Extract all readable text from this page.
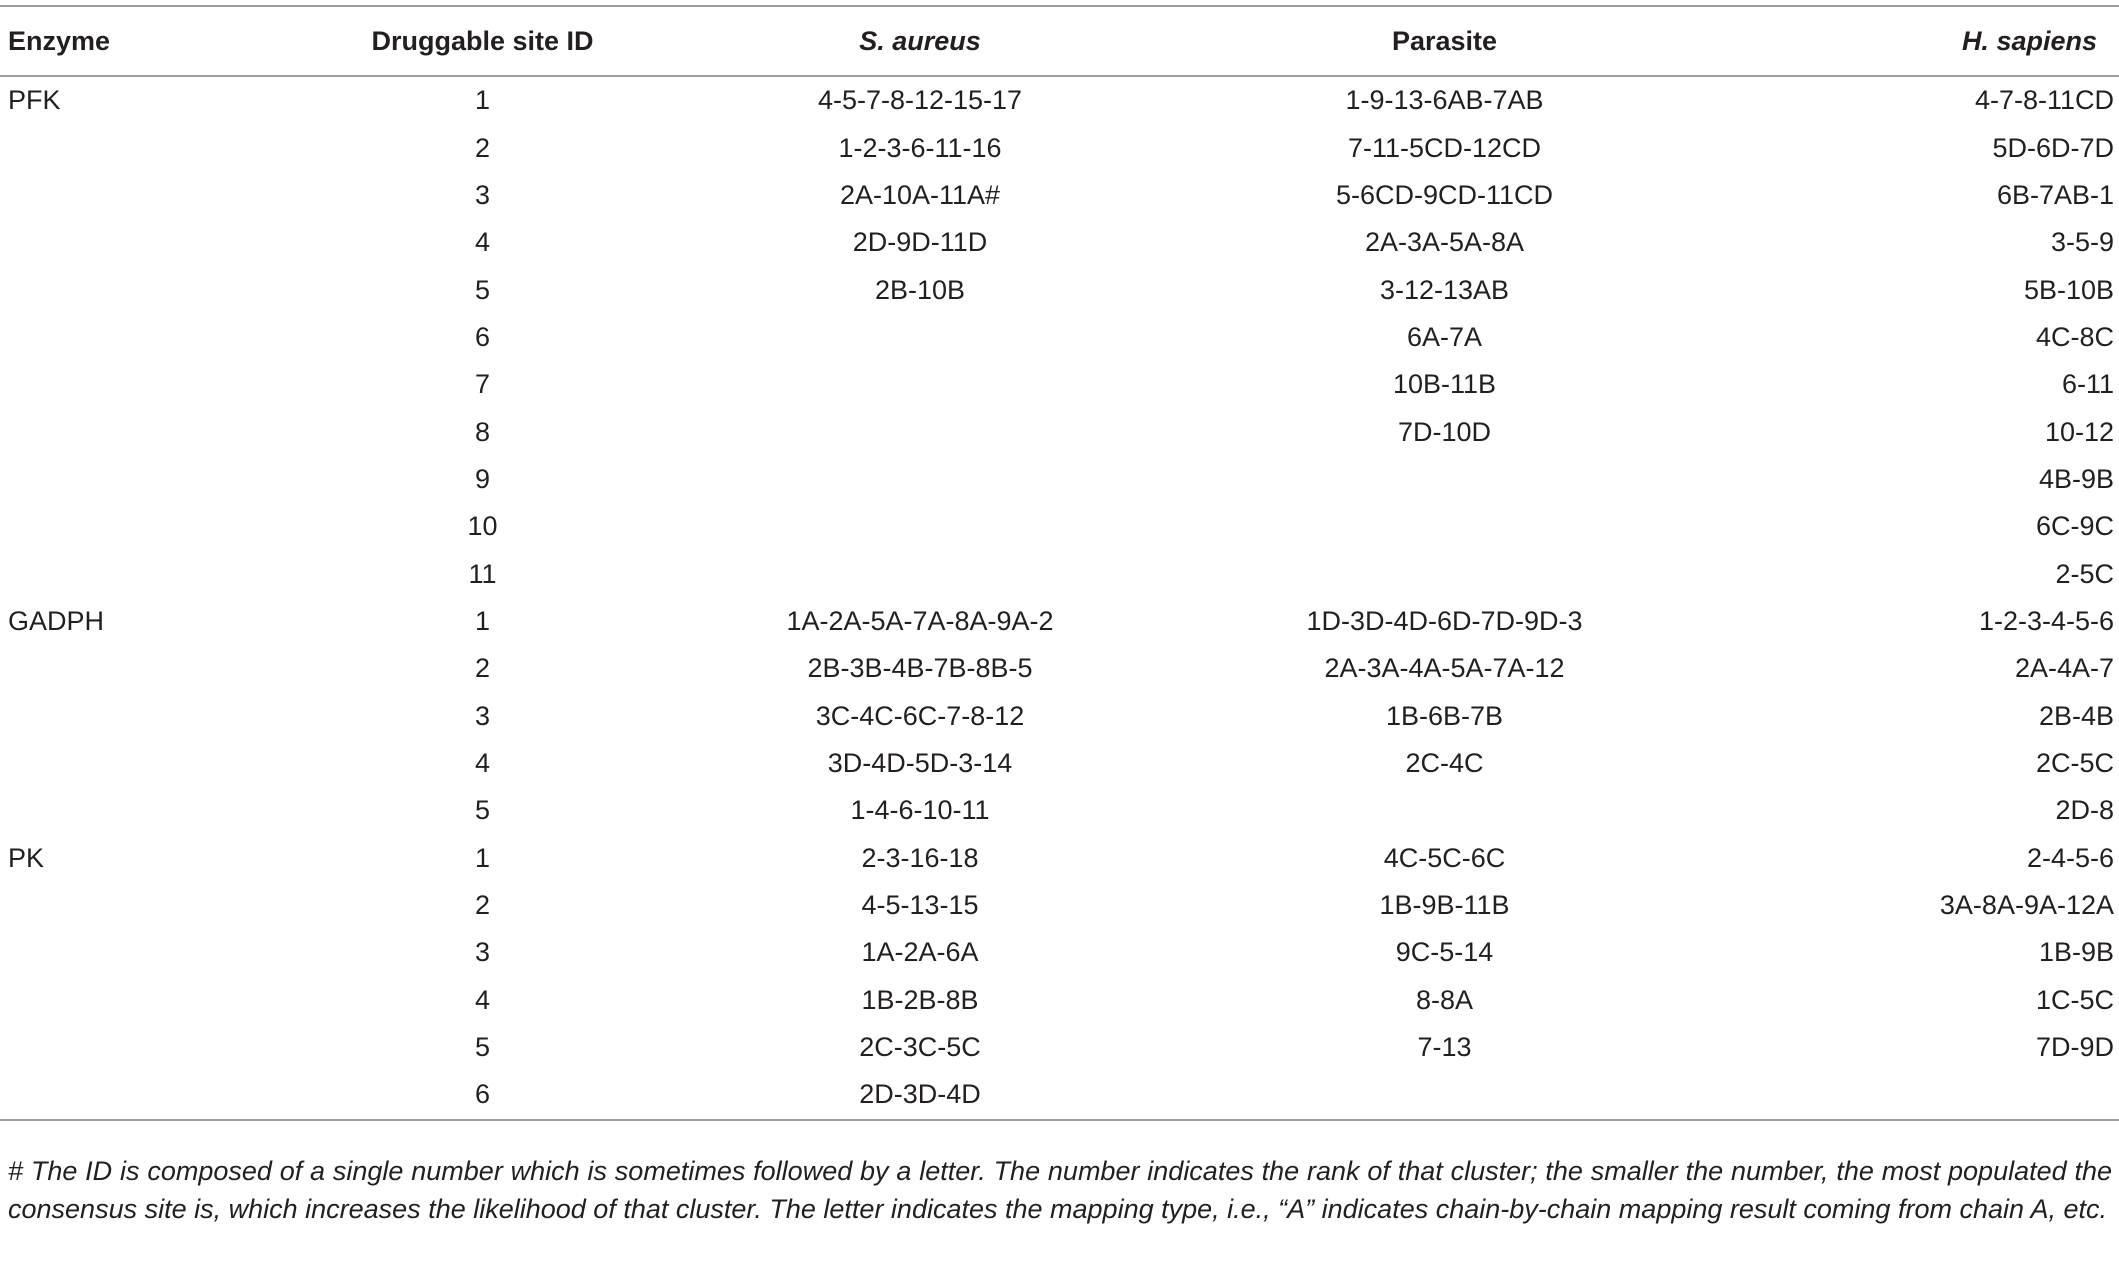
Enzyme	Druggable site ID	S. aureus	Parasite	H. sapiens
PFK	1	4-5-7-8-12-15-17	1-9-13-6AB-7AB	4-7-8-11CD
	2	1-2-3-6-11-16	7-11-5CD-12CD	5D-6D-7D
	3	2A-10A-11A#	5-6CD-9CD-11CD	6B-7AB-1
	4	2D-9D-11D	2A-3A-5A-8A	3-5-9
	5	2B-10B	3-12-13AB	5B-10B
	6		6A-7A	4C-8C
	7		10B-11B	6-11
	8		7D-10D	10-12
	9			4B-9B
	10			6C-9C
	11			2-5C
GADPH	1	1A-2A-5A-7A-8A-9A-2	1D-3D-4D-6D-7D-9D-3	1-2-3-4-5-6
	2	2B-3B-4B-7B-8B-5	2A-3A-4A-5A-7A-12	2A-4A-7
	3	3C-4C-6C-7-8-12	1B-6B-7B	2B-4B
	4	3D-4D-5D-3-14	2C-4C	2C-5C
	5	1-4-6-10-11		2D-8
PK	1	2-3-16-18	4C-5C-6C	2-4-5-6
	2	4-5-13-15	1B-9B-11B	3A-8A-9A-12A
	3	1A-2A-6A	9C-5-14	1B-9B
	4	1B-2B-8B	8-8A	1C-5C
	5	2C-3C-5C	7-13	7D-9D
	6	2D-3D-4D		

# The ID is composed of a single number which is sometimes followed by a letter. The number indicates the rank of that cluster; the smaller the number, the most populated the consensus site is, which increases the likelihood of that cluster. The letter indicates the mapping type, i.e., “A” indicates chain-by-chain mapping result coming from chain A, etc.
